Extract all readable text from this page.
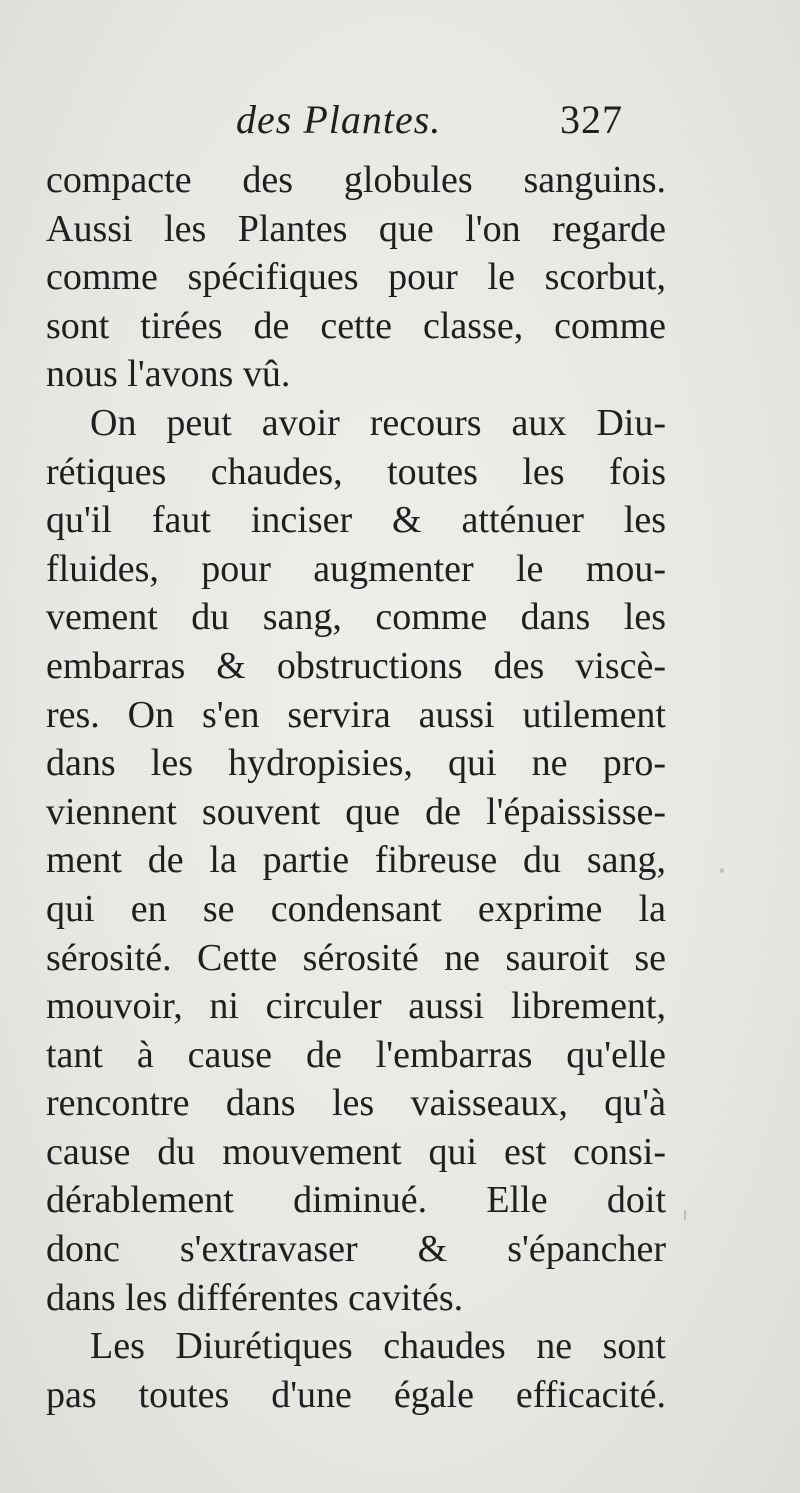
des Plantes.	327
compacte des globules sanguins.
Aussi les Plantes que l'on regarde
comme spécifiques pour le scorbut,
sont tirées de cette classe, comme
nous l'avons vû.
On peut avoir recours aux Diu-
rétiques chaudes, toutes les fois
qu'il faut inciser & atténuer les
fluides, pour augmenter le mou-
vement du sang, comme dans les
embarras & obstructions des viscè-
res. On s'en servira aussi utilement
dans les hydropisies, qui ne pro-
viennent souvent que de l'épaississe-
ment de la partie fibreuse du sang,
qui en se condensant exprime la
sérosité. Cette sérosité ne sauroit se
mouvoir, ni circuler aussi librement,
tant à cause de l'embarras qu'elle
rencontre dans les vaisseaux, qu'à
cause du mouvement qui est consi-
dérablement diminué. Elle doit
donc s'extravaser & s'épancher
dans les différentes cavités.
Les Diurétiques chaudes ne sont
pas toutes d'une égale efficacité.
